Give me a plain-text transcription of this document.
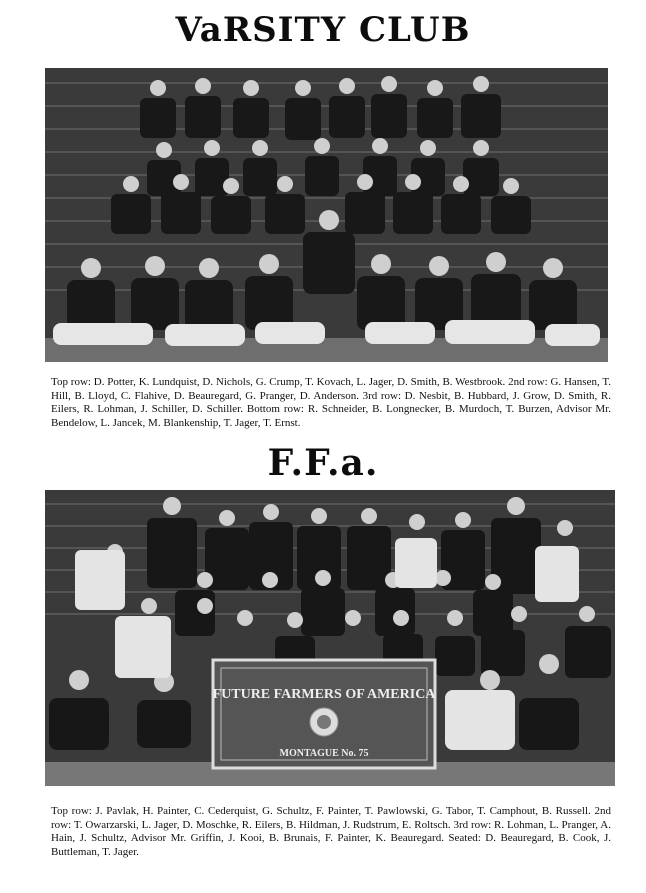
VaRSITY CLUB
Top row: D. Potter, K. Lundquist, D. Nichols, G. Crump, T. Kovach, L. Jager, D. Smith, B. Westbrook. 2nd row: G. Hansen, T. Hill, B. Lloyd, C. Flahive, D. Beauregard, G. Pranger, D. Anderson. 3rd row: D. Nesbit, B. Hubbard, J. Grow, D. Smith, R. Eilers, R. Lohman, J. Schiller, D. Schiller. Bottom row: R. Schneider, B. Longnecker, B. Murdoch, T. Burzen, Advisor Mr. Bendelow, L. Jancek, M. Blankenship, T. Jager, T. Ernst.
F.F.a.
FUTURE FARMERS OF AMERICA
MONTAGUE No. 75
Top row: J. Pavlak, H. Painter, C. Cederquist, G. Schultz, F. Painter, T. Pawlowski, G. Tabor, T. Camphout, B. Russell. 2nd row: T. Owarzarski, L. Jager, D. Moschke, R. Eilers, B. Hildman, J. Rudstrum, E. Roltsch. 3rd row: R. Lohman, L. Pranger, A. Hain, J. Schultz, Advisor Mr. Griffin, J. Kooi, B. Brunais, F. Painter, K. Beauregard. Seated: D. Beauregard, B. Cook, J. Buttleman, T. Jager.
